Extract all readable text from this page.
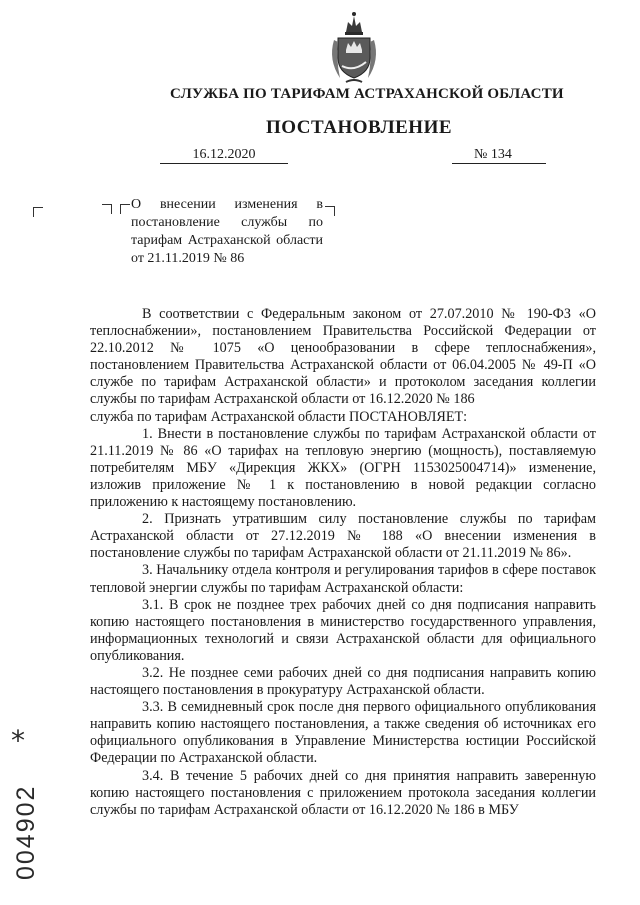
СЛУЖБА ПО ТАРИФАМ АСТРАХАНСКОЙ ОБЛАСТИ
ПОСТАНОВЛЕНИЕ
16.12.2020	№ 134
О внесении изменения в постановление службы по тарифам Астраханской области от 21.11.2019 № 86

В соответствии с Федеральным законом от 27.07.2010 № 190-ФЗ «О теплоснабжении», постановлением Правительства Российской Федерации от 22.10.2012 № 1075 «О ценообразовании в сфере теплоснабжения», постановлением Правительства Астраханской области от 06.04.2005 № 49-П «О службе по тарифам Астраханской области» и протоколом заседания коллегии службы по тарифам Астраханской области от 16.12.2020 № 186

служба по тарифам Астраханской области ПОСТАНОВЛЯЕТ:

1. Внести в постановление службы по тарифам Астраханской области от 21.11.2019 № 86 «О тарифах на тепловую энергию (мощность), поставляемую потребителям МБУ «Дирекция ЖКХ» (ОГРН 1153025004714)» изменение, изложив приложение № 1 к постановлению в новой редакции согласно приложению к настоящему постановлению.

2. Признать утратившим силу постановление службы по тарифам Астраханской области от 27.12.2019 № 188 «О внесении изменения в постановление службы по тарифам Астраханской области от 21.11.2019 № 86».

3. Начальнику отдела контроля и регулирования тарифов в сфере поставок тепловой энергии службы по тарифам Астраханской области:

3.1. В срок не позднее трех рабочих дней со дня подписания направить копию настоящего постановления в министерство государственного управления, информационных технологий и связи Астраханской области для официального опубликования.

3.2. Не позднее семи рабочих дней со дня подписания направить копию настоящего постановления в прокуратуру Астраханской области.

3.3. В семидневный срок после дня первого официального опубликования направить копию настоящего постановления, а также сведения об источниках его официального опубликования в Управление Министерства юстиции Российской Федерации по Астраханской области.

3.4. В течение 5 рабочих дней со дня принятия направить заверенную копию настоящего постановления с приложением протокола заседания коллегии службы по тарифам Астраханской области от 16.12.2020 № 186 в МБУ

*
004902
